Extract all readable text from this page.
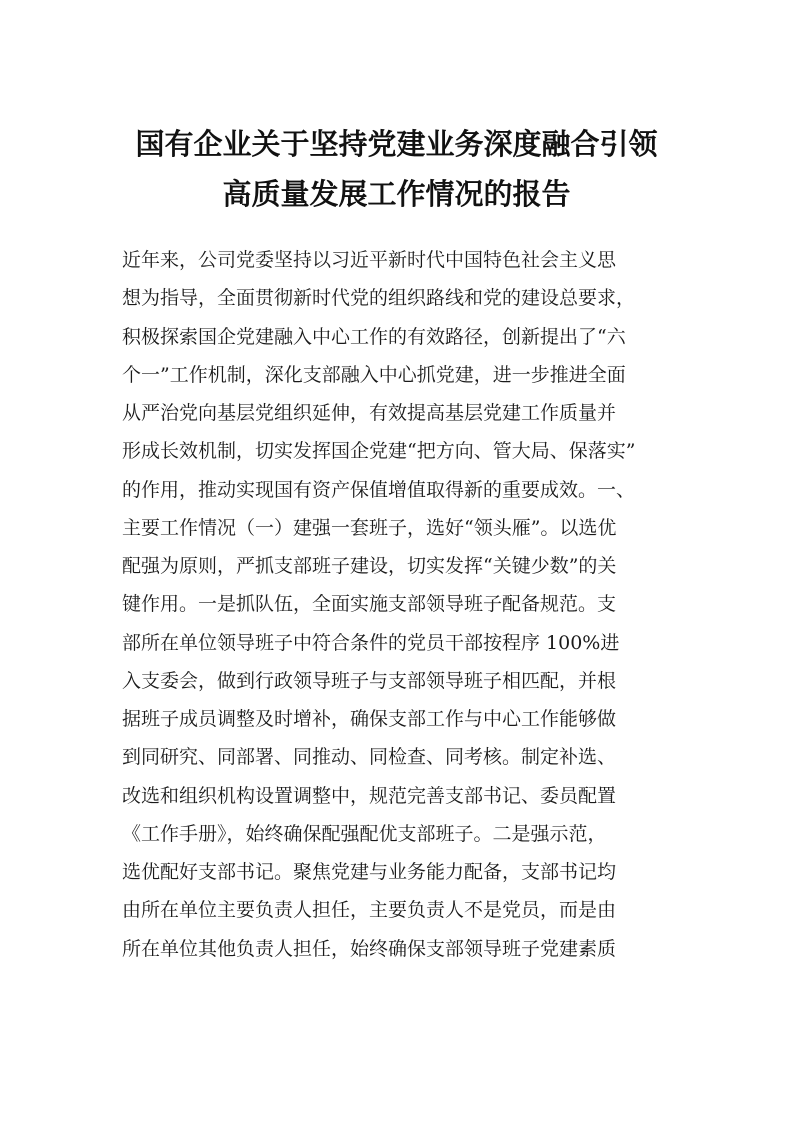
国有企业关于坚持党建业务深度融合引领
高质量发展工作情况的报告
近年来，公司党委坚持以习近平新时代中国特色社会主义思
想为指导，全面贯彻新时代党的组织路线和党的建设总要求，
积极探索国企党建融入中心工作的有效路径，创新提出了“六
个一”工作机制，深化支部融入中心抓党建，进一步推进全面
从严治党向基层党组织延伸，有效提高基层党建工作质量并
形成长效机制，切实发挥国企党建“把方向、管大局、保落实”
的作用，推动实现国有资产保值增值取得新的重要成效。一、
主要工作情况（一）建强一套班子，选好“领头雁”。以选优
配强为原则，严抓支部班子建设，切实发挥“关键少数”的关
键作用。一是抓队伍，全面实施支部领导班子配备规范。支
部所在单位领导班子中符合条件的党员干部按程序 100%进
入支委会，做到行政领导班子与支部领导班子相匹配，并根
据班子成员调整及时增补，确保支部工作与中心工作能够做
到同研究、同部署、同推动、同检查、同考核。制定补选、
改选和组织机构设置调整中，规范完善支部书记、委员配置
《工作手册》，始终确保配强配优支部班子。二是强示范，
选优配好支部书记。聚焦党建与业务能力配备，支部书记均
由所在单位主要负责人担任，主要负责人不是党员，而是由
所在单位其他负责人担任，始终确保支部领导班子党建素质
